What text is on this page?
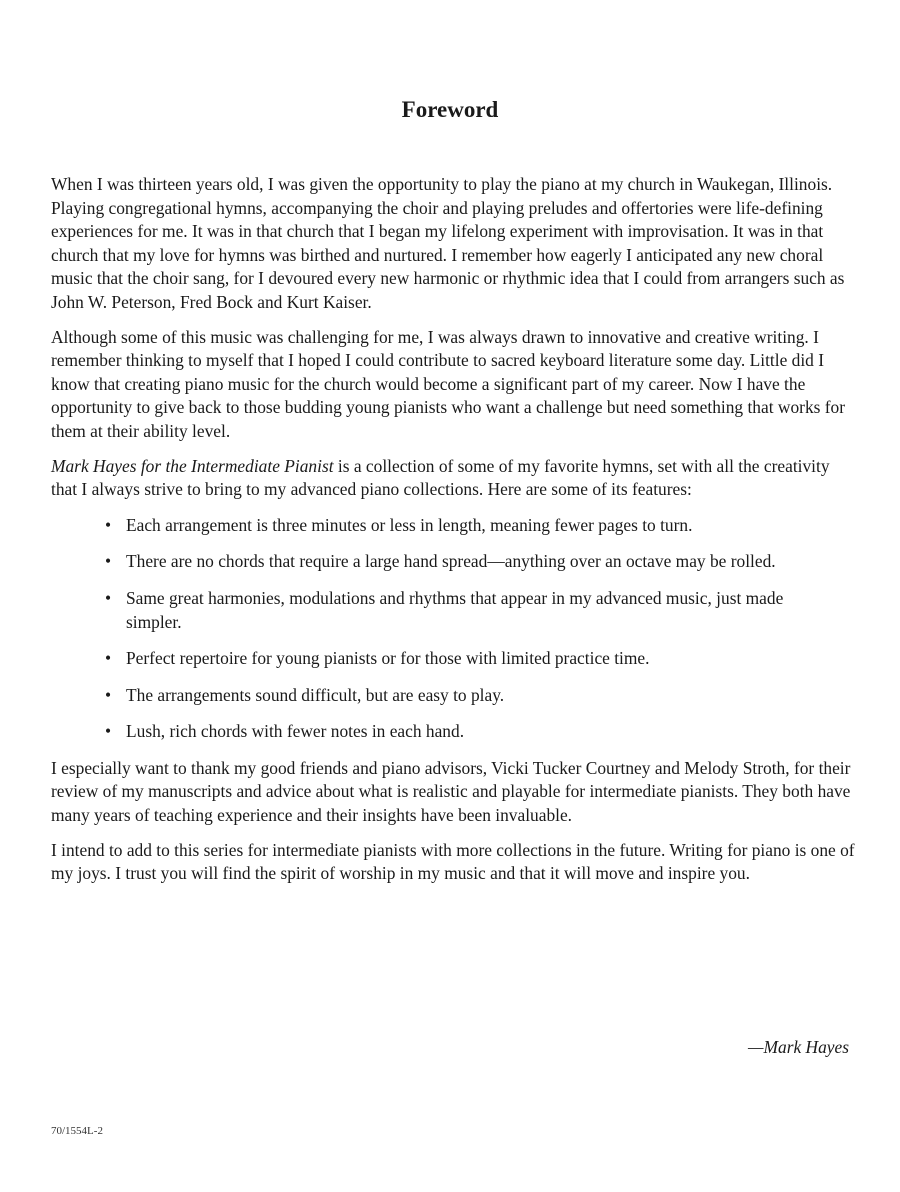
Foreword

When I was thirteen years old, I was given the opportunity to play the piano at my church in Waukegan, Illinois. Playing congregational hymns, accompanying the choir and playing preludes and offertories were life-defining experiences for me. It was in that church that I began my lifelong experiment with improvisation. It was in that church that my love for hymns was birthed and nurtured. I remember how eagerly I anticipated any new choral music that the choir sang, for I devoured every new harmonic or rhythmic idea that I could from arrangers such as John W. Peterson, Fred Bock and Kurt Kaiser.

Although some of this music was challenging for me, I was always drawn to innovative and creative writing. I remember thinking to myself that I hoped I could contribute to sacred keyboard literature some day. Little did I know that creating piano music for the church would become a significant part of my career. Now I have the opportunity to give back to those budding young pianists who want a challenge but need something that works for them at their ability level.

Mark Hayes for the Intermediate Pianist is a collection of some of my favorite hymns, set with all the creativity that I always strive to bring to my advanced piano collections. Here are some of its features:

• Each arrangement is three minutes or less in length, meaning fewer pages to turn.
• There are no chords that require a large hand spread—anything over an octave may be rolled.
• Same great harmonies, modulations and rhythms that appear in my advanced music, just made simpler.
• Perfect repertoire for young pianists or for those with limited practice time.
• The arrangements sound difficult, but are easy to play.
• Lush, rich chords with fewer notes in each hand.

I especially want to thank my good friends and piano advisors, Vicki Tucker Courtney and Melody Stroth, for their review of my manuscripts and advice about what is realistic and playable for intermediate pianists. They both have many years of teaching experience and their insights have been invaluable.

I intend to add to this series for intermediate pianists with more collections in the future. Writing for piano is one of my joys. I trust you will find the spirit of worship in my music and that it will move and inspire you.

—Mark Hayes
70/1554L-2
